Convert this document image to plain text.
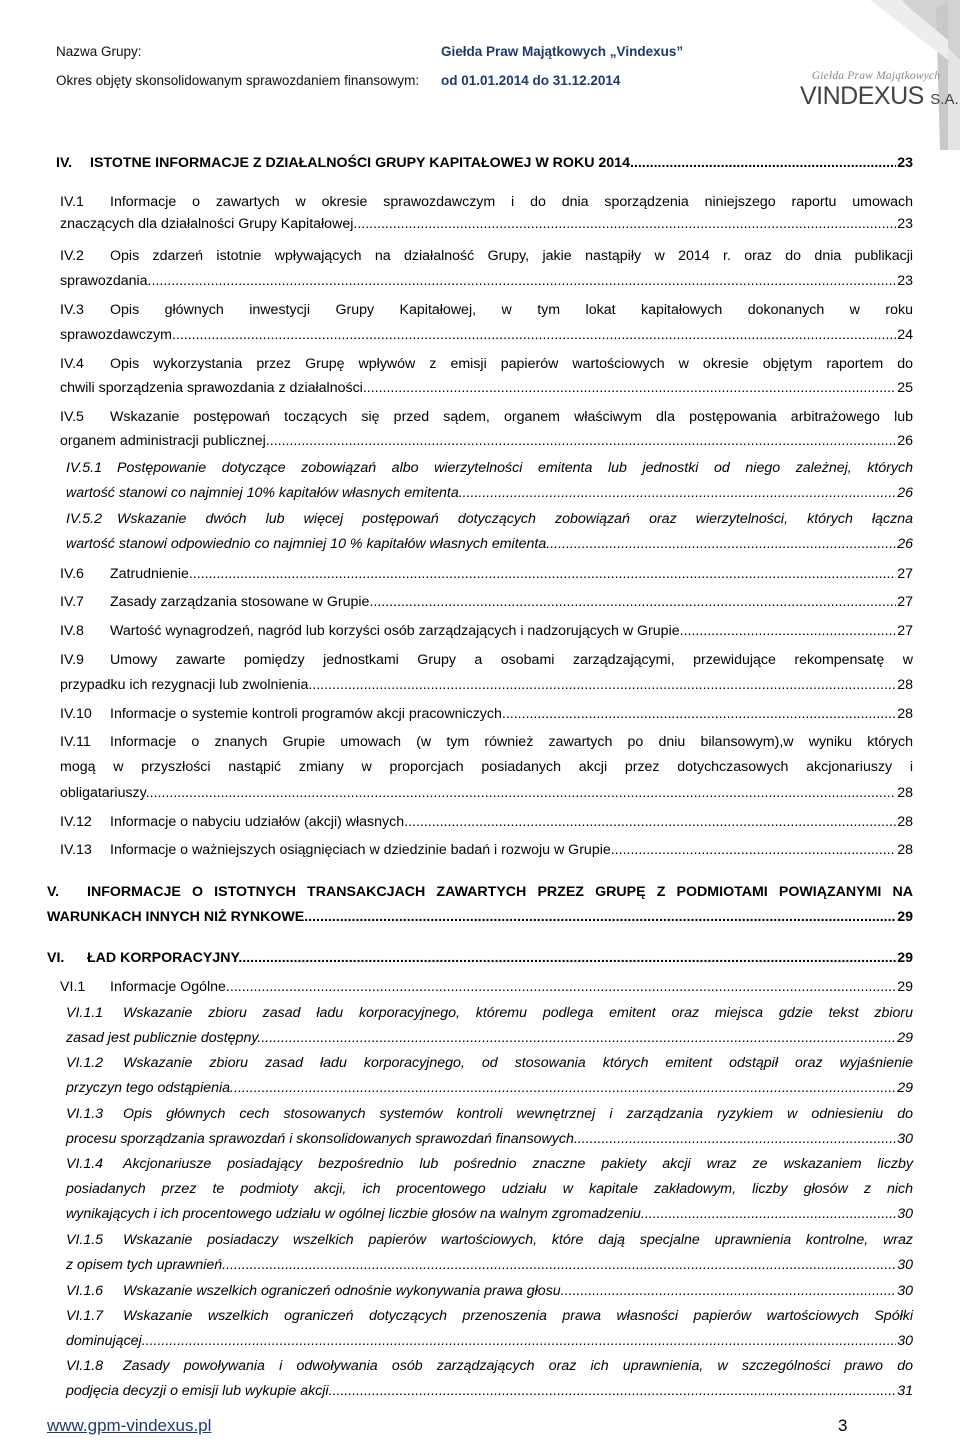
Nazwa Grupy:	Giełda Praw Majątkowych „Vindexus”
Okres objęty skonsolidowanym sprawozdaniem finansowym: od 01.01.2014 do 31.12.2014	Giełda Praw Majątkowych
VINDEXUS S.A.
IV. ISTOTNE INFORMACJE Z DZIAŁALNOŚCI GRUPY KAPITAŁOWEJ W ROKU 2014. .....	23
IV.1 Informacje o zawartych w okresie sprawozdawczym i do dnia sporządzenia niniejszego raportu umowach
znaczących dla działalności Grupy Kapitałowej. .....	23
IV.2 Opis zdarzeń istotnie wpływających na działalność Grupy, jakie nastąpiły w 2014 r. oraz do dnia publikacji
sprawozdania. .....	23
IV.3 Opis głównych inwestycji Grupy Kapitałowej, w tym lokat kapitałowych dokonanych w roku
sprawozdawczym. .....	24
IV.4 Opis wykorzystania przez Grupę wpływów z emisji papierów wartościowych w okresie objętym raportem do
chwili sporządzenia sprawozdania z działalności. .....	25
IV.5 Wskazanie postępowań toczących się przed sądem, organem właściwym dla postępowania arbitrażowego lub
organem administracji publicznej. .....	26
IV.5.1 Postępowanie dotyczące zobowiązań albo wierzytelności emitenta lub jednostki od niego zależnej, których
wartość stanowi co najmniej 10% kapitałów własnych emitenta. .....	26
IV.5.2 Wskazanie dwóch lub więcej postępowań dotyczących zobowiązań oraz wierzytelności, których łączna
wartość stanowi odpowiednio co najmniej 10 % kapitałów własnych emitenta. .....	26
IV.6 Zatrudnienie. .....	27
IV.7 Zasady zarządzania stosowane w Grupie. .....	27
IV.8 Wartość wynagrodzeń, nagród lub korzyści osób zarządzających i nadzorujących w Grupie. .....	27
IV.9 Umowy zawarte pomiędzy jednostkami Grupy a osobami zarządzającymi, przewidujące rekompensatę w
przypadku ich rezygnacji lub zwolnienia. .....	28
IV.10 Informacje o systemie kontroli programów akcji pracowniczych. .....	28
IV.11 Informacje o znanych Grupie umowach (w tym również zawartych po dniu bilansowym),w wyniku których
mogą w przyszłości nastąpić zmiany w proporcjach posiadanych akcji przez dotychczasowych akcjonariuszy i
obligatariuszy. .....	28
IV.12 Informacje o nabyciu udziałów (akcji) własnych. .....	28
IV.13 Informacje o ważniejszych osiągnięciach w dziedzinie badań i rozwoju w Grupie. .....	28
V. INFORMACJE O ISTOTNYCH TRANSAKCJACH ZAWARTYCH PRZEZ GRUPĘ Z PODMIOTAMI POWIĄZANYMI NA
WARUNKACH INNYCH NIŻ RYNKOWE. .....	29
VI. ŁAD KORPORACYJNY. .....	29
VI.1 Informacje Ogólne. .....	29
VI.1.1 Wskazanie zbioru zasad ładu korporacyjnego, któremu podlega emitent oraz miejsca gdzie tekst zbioru
zasad jest publicznie dostępny. .....	29
VI.1.2 Wskazanie zbioru zasad ładu korporacyjnego, od stosowania których emitent odstąpił oraz wyjaśnienie
przyczyn tego odstąpienia. .....	29
VI.1.3 Opis głównych cech stosowanych systemów kontroli wewnętrznej i zarządzania ryzykiem w odniesieniu do
procesu sporządzania sprawozdań i skonsolidowanych sprawozdań finansowych. .....	30
VI.1.4 Akcjonariusze posiadający bezpośrednio lub pośrednio znaczne pakiety akcji wraz ze wskazaniem liczby
posiadanych przez te podmioty akcji, ich procentowego udziału w kapitale zakładowym, liczby głosów z nich
wynikających i ich procentowego udziału w ogólnej liczbie głosów na walnym zgromadzeniu. .....	30
VI.1.5 Wskazanie posiadaczy wszelkich papierów wartościowych, które dają specjalne uprawnienia kontrolne, wraz
z opisem tych uprawnień. .....	30
VI.1.6 Wskazanie wszelkich ograniczeń odnośnie wykonywania prawa głosu. .....	30
VI.1.7 Wskazanie wszelkich ograniczeń dotyczących przenoszenia prawa własności papierów wartościowych Spółki
dominującej. .....	30
VI.1.8 Zasady powoływania i odwoływania osób zarządzających oraz ich uprawnienia, w szczególności prawo do
podjęcia decyzji o emisji lub wykupie akcji. .....	31
www.gpm-vindexus.pl	3
